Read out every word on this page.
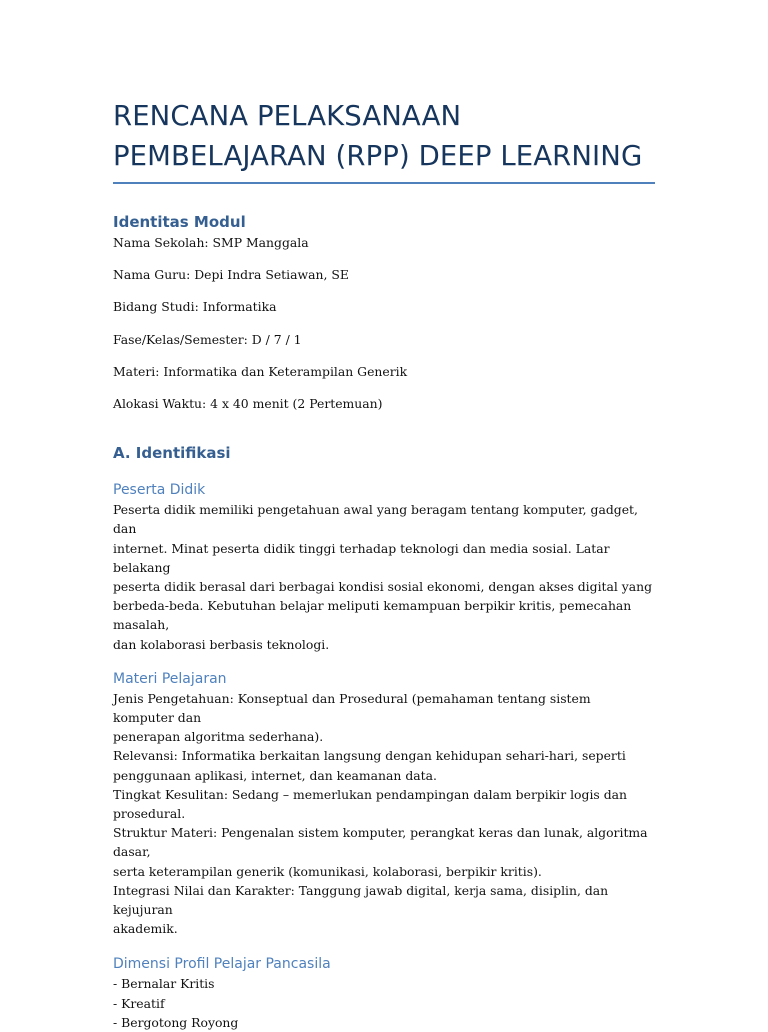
RENCANA PELAKSANAAN
PEMBELAJARAN (RPP) DEEP LEARNING
Identitas Modul

Nama Sekolah: SMP Manggala

Nama Guru: Depi Indra Setiawan, SE

Bidang Studi: Informatika

Fase/Kelas/Semester: D / 7 / 1

Materi: Informatika dan Keterampilan Generik

Alokasi Waktu: 4 x 40 menit (2 Pertemuan)

A. Identifikasi
Peserta Didik

Peserta didik memiliki pengetahuan awal yang beragam tentang komputer, gadget, dan
internet. Minat peserta didik tinggi terhadap teknologi dan media sosial. Latar belakang
peserta didik berasal dari berbagai kondisi sosial ekonomi, dengan akses digital yang
berbeda-beda. Kebutuhan belajar meliputi kemampuan berpikir kritis, pemecahan masalah,
dan kolaborasi berbasis teknologi.

Materi Pelajaran

Jenis Pengetahuan: Konseptual dan Prosedural (pemahaman tentang sistem komputer dan
penerapan algoritma sederhana).
Relevansi: Informatika berkaitan langsung dengan kehidupan sehari-hari, seperti
penggunaan aplikasi, internet, dan keamanan data.
Tingkat Kesulitan: Sedang – memerlukan pendampingan dalam berpikir logis dan
prosedural.
Struktur Materi: Pengenalan sistem komputer, perangkat keras dan lunak, algoritma dasar,
serta keterampilan generik (komunikasi, kolaborasi, berpikir kritis).
Integrasi Nilai dan Karakter: Tanggung jawab digital, kerja sama, disiplin, dan kejujuran
akademik.

Dimensi Profil Pelajar Pancasila

- Bernalar Kritis
- Kreatif
- Bergotong Royong
